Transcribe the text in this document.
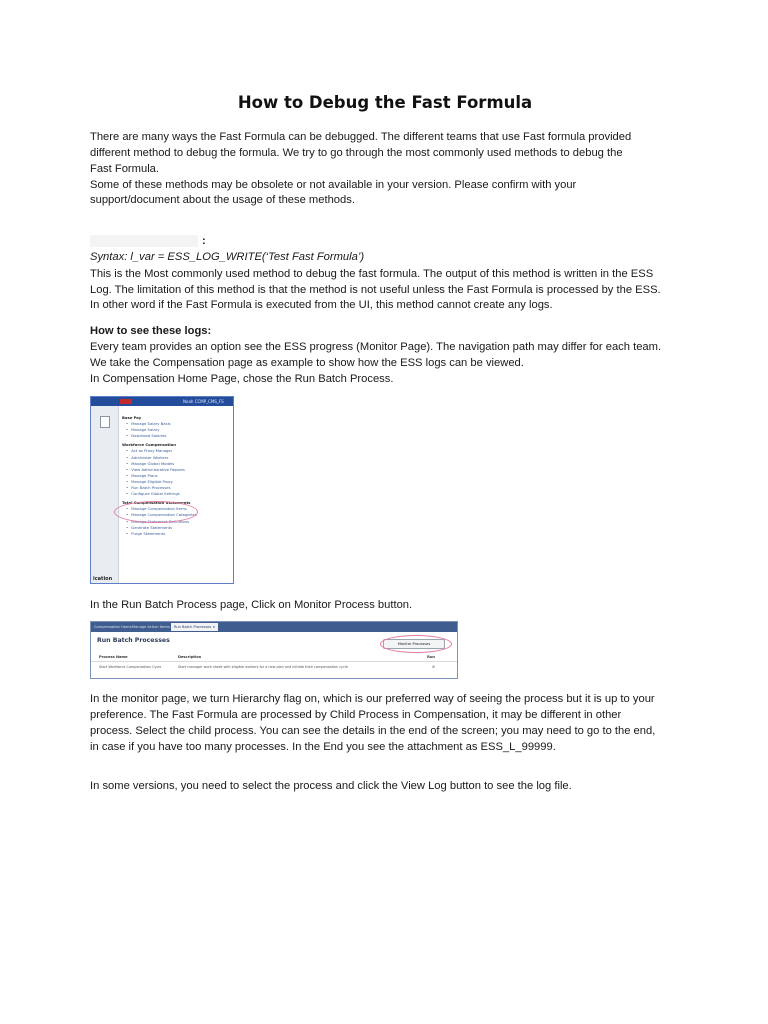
How to Debug the Fast Formula

There are many ways the Fast Formula can be debugged. The different teams that use Fast formula provided

different method to debug the formula. We try to go through the most commonly used methods to debug the

Fast Formula.

Some of these methods may be obsolete or not available in your version. Please confirm with your

support/document about the usage of these methods.

:

Syntax: l_var = ESS_LOG_WRITE(‘Test Fast Formula’)

This is the Most commonly used method to debug the fast formula. The output of this method is written in the ESS

Log. The limitation of this method is that the method is not useful unless the Fast Formula is processed by the ESS.

In other word if the Fast Formula is executed from the UI, this method cannot create any logs.

How to see these logs:

Every team provides an option see the ESS progress (Monitor Page). The navigation path may differ for each team.

We take the Compensation page as example to show how the ESS logs can be viewed.

In Compensation Home Page, chose the Run Batch Process.

Noah CCMP_CMS_FS
ication
Base Pay
• Manage Salary Basis
• Manage Salary
• Download Salaries
Workforce Compensation
• Act as Proxy Manager
• Administer Workers
• Manage Global Models
• View Administrative Reports
• Manage Plans
• Manage Eligible Proxy
• Run Batch Processes
• Configure Global Settings
Total Compensation Statements
• Manage Compensation Items
• Manage Compensation Categories
• Manage Statement Definitions
• Generate Statements
• Purge Statements

In the Run Batch Process page, Click on Monitor Process button.

Compensation Home Manage Action Items	Run Batch Processes ×
Run Batch Processes	Monitor Processes
Process Name	Description	Run
Start Workforce Compensation Cycle	Start manager work sheet with eligible workers for a new plan and initiate their compensation cycle	⚙

In the monitor page, we turn Hierarchy flag on, which is our preferred way of seeing the process but it is up to your

preference. The Fast Formula are processed by Child Process in Compensation, it may be different in other

process. Select the child process. You can see the details in the end of the screen; you may need to go to the end,

in case if you have too many processes. In the End you see the attachment as ESS_L_99999.

In some versions, you need to select the process and click the View Log button to see the log file.
